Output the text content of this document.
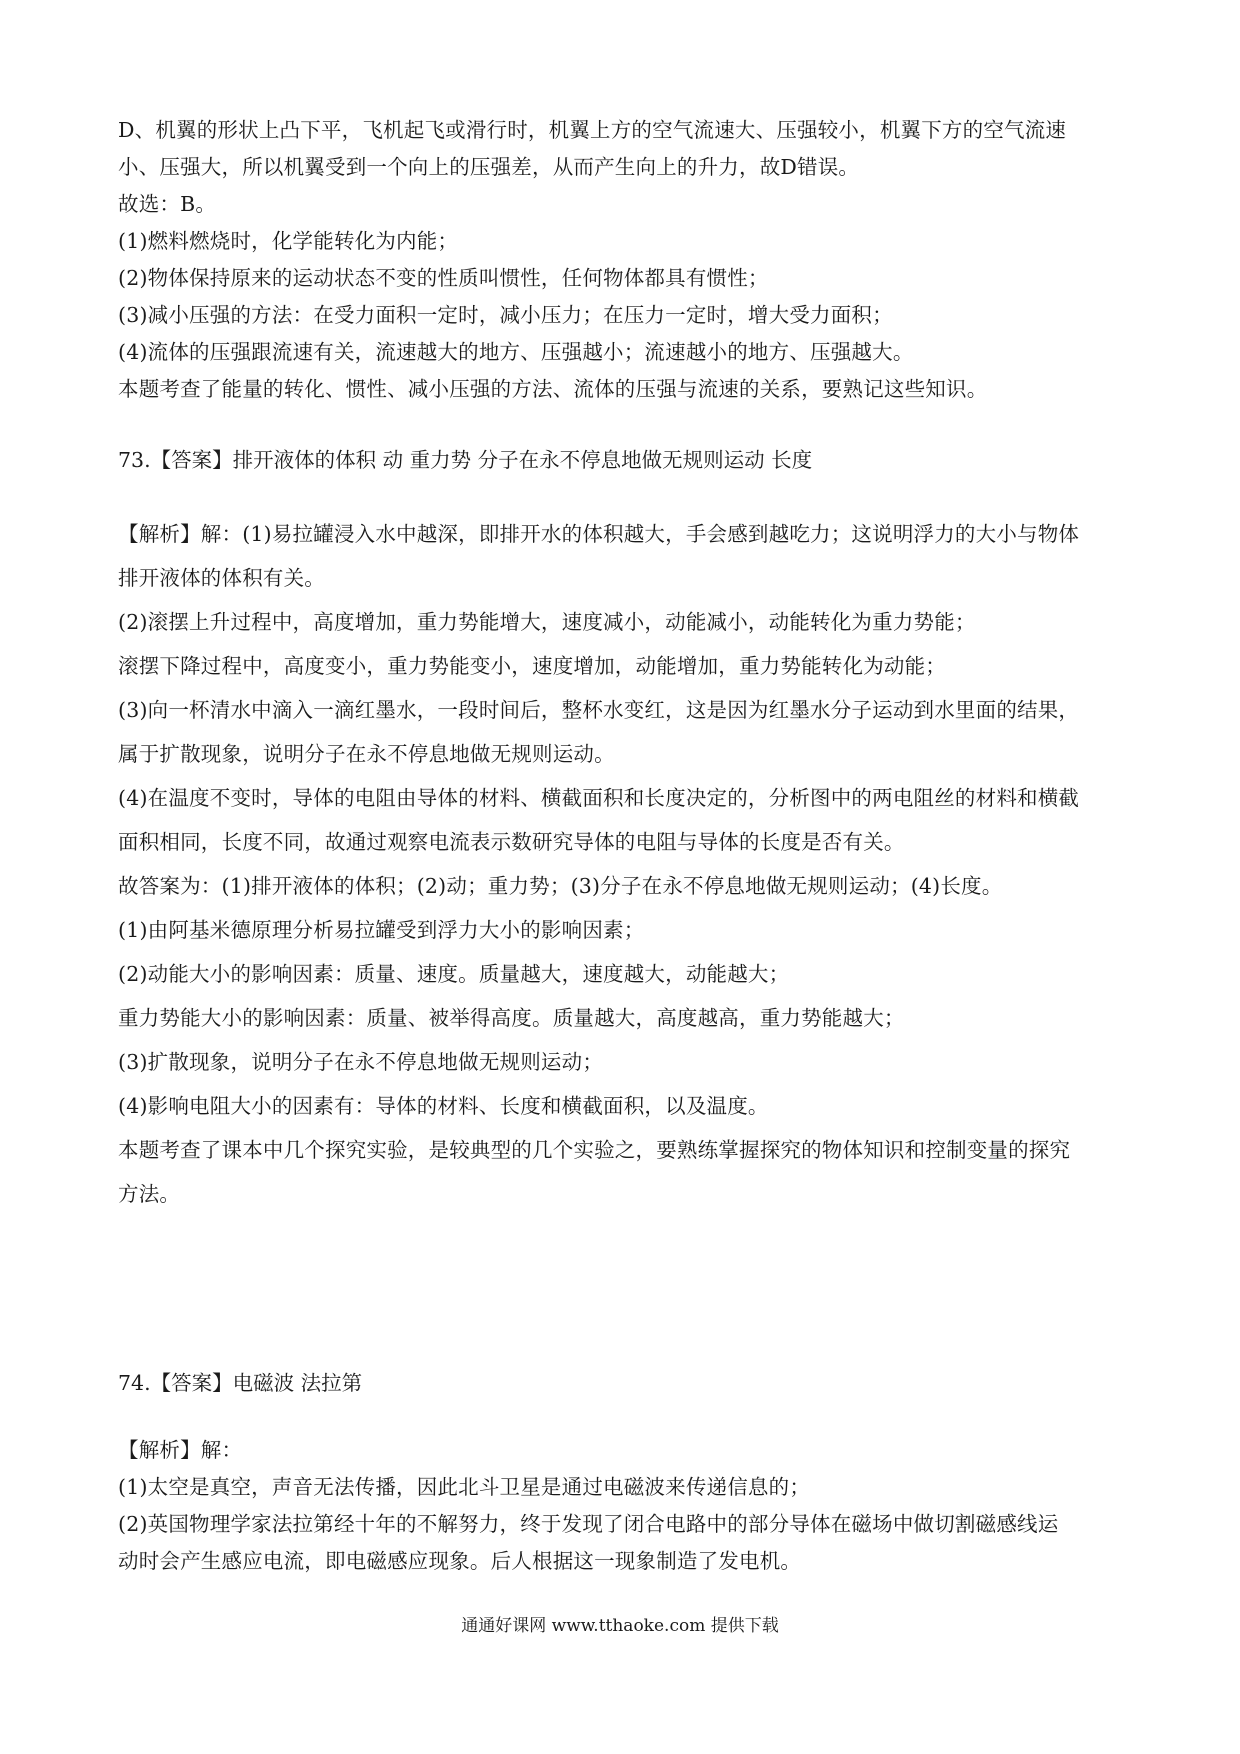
D、机翼的形状上凸下平，飞机起飞或滑行时，机翼上方的空气流速大、压强较小，机翼下方的空气流速

小、压强大，所以机翼受到一个向上的压强差，从而产生向上的升力，故D错误。

故选：B。

(1)燃料燃烧时，化学能转化为内能；

(2)物体保持原来的运动状态不变的性质叫惯性，任何物体都具有惯性；

(3)减小压强的方法：在受力面积一定时，减小压力；在压力一定时，增大受力面积；

(4)流体的压强跟流速有关，流速越大的地方、压强越小；流速越小的地方、压强越大。

本题考查了能量的转化、惯性、减小压强的方法、流体的压强与流速的关系，要熟记这些知识。

73.【答案】排开液体的体积 动 重力势 分子在永不停息地做无规则运动 长度

【解析】解：(1)易拉罐浸入水中越深，即排开水的体积越大，手会感到越吃力；这说明浮力的大小与物体

排开液体的体积有关。

(2)滚摆上升过程中，高度增加，重力势能增大，速度减小，动能减小，动能转化为重力势能；

滚摆下降过程中，高度变小，重力势能变小，速度增加，动能增加，重力势能转化为动能；

(3)向一杯清水中滴入一滴红墨水，一段时间后，整杯水变红，这是因为红墨水分子运动到水里面的结果，

属于扩散现象，说明分子在永不停息地做无规则运动。

(4)在温度不变时，导体的电阻由导体的材料、横截面积和长度决定的，分析图中的两电阻丝的材料和横截

面积相同，长度不同，故通过观察电流表示数研究导体的电阻与导体的长度是否有关。

故答案为：(1)排开液体的体积；(2)动；重力势；(3)分子在永不停息地做无规则运动；(4)长度。

(1)由阿基米德原理分析易拉罐受到浮力大小的影响因素；

(2)动能大小的影响因素：质量、速度。质量越大，速度越大，动能越大；

重力势能大小的影响因素：质量、被举得高度。质量越大，高度越高，重力势能越大；

(3)扩散现象，说明分子在永不停息地做无规则运动；

(4)影响电阻大小的因素有：导体的材料、长度和横截面积，以及温度。

本题考查了课本中几个探究实验，是较典型的几个实验之，要熟练掌握探究的物体知识和控制变量的探究

方法。

74.【答案】电磁波 法拉第

【解析】解：

(1)太空是真空，声音无法传播，因此北斗卫星是通过电磁波来传递信息的；

(2)英国物理学家法拉第经十年的不解努力，终于发现了闭合电路中的部分导体在磁场中做切割磁感线运

动时会产生感应电流，即电磁感应现象。后人根据这一现象制造了发电机。

通通好课网 www.tthaoke.com 提供下载
